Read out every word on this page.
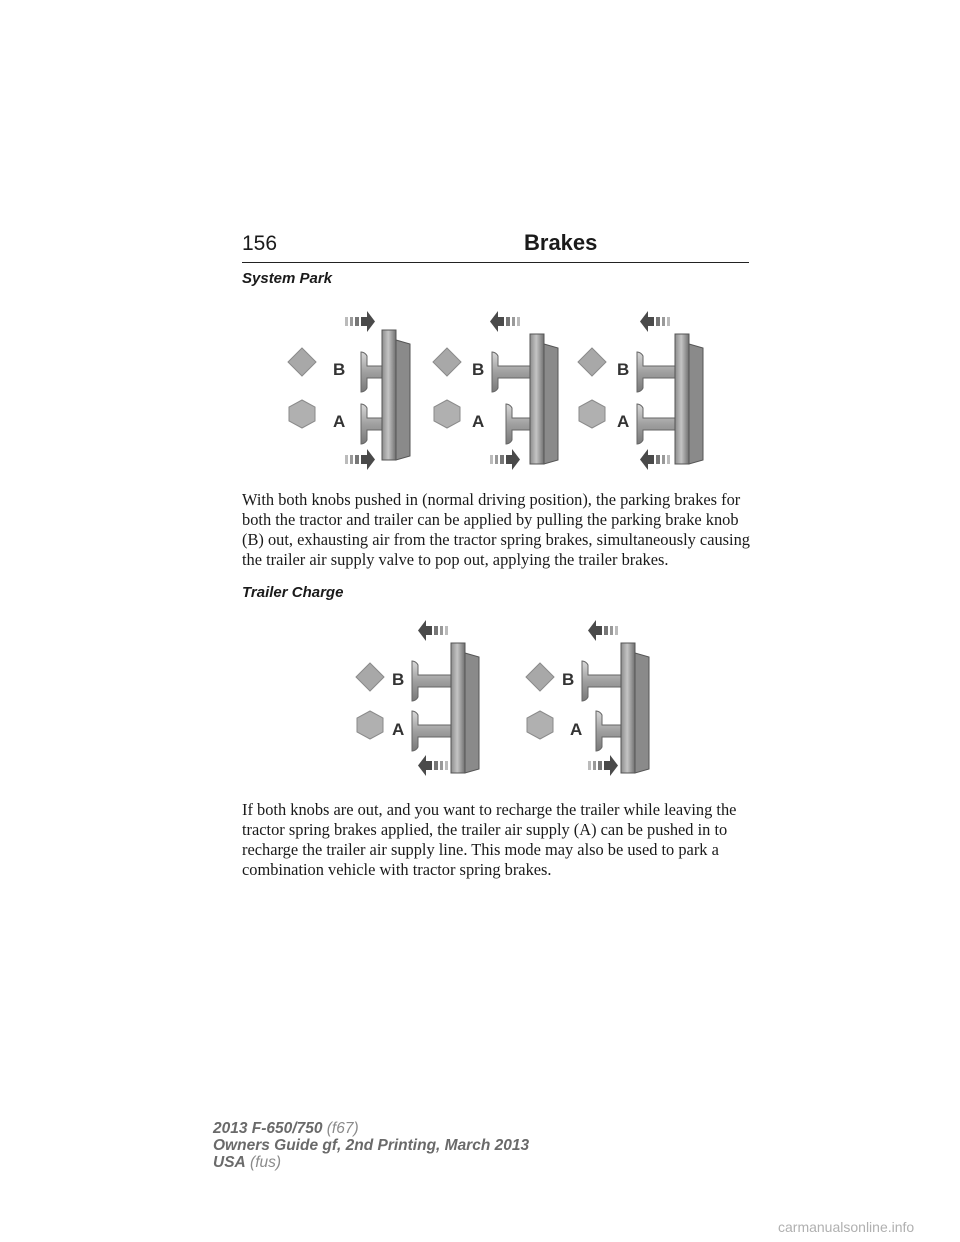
156	Brakes
System Park
B
A
B
A
B
A

With both knobs pushed in (normal driving position), the parking brakes for both the tractor and trailer can be applied by pulling the parking brake knob (B) out, exhausting air from the tractor spring brakes, simultaneously causing the trailer air supply valve to pop out, applying the trailer brakes.

Trailer Charge
B
A
B
A

If both knobs are out, and you want to recharge the trailer while leaving the tractor spring brakes applied, the trailer air supply (A) can be pushed in to recharge the trailer air supply line. This mode may also be used to park a combination vehicle with tractor spring brakes.

2013 F-650/750 (f67)
Owners Guide gf, 2nd Printing, March 2013
USA (fus)
carmanualsonline.info
